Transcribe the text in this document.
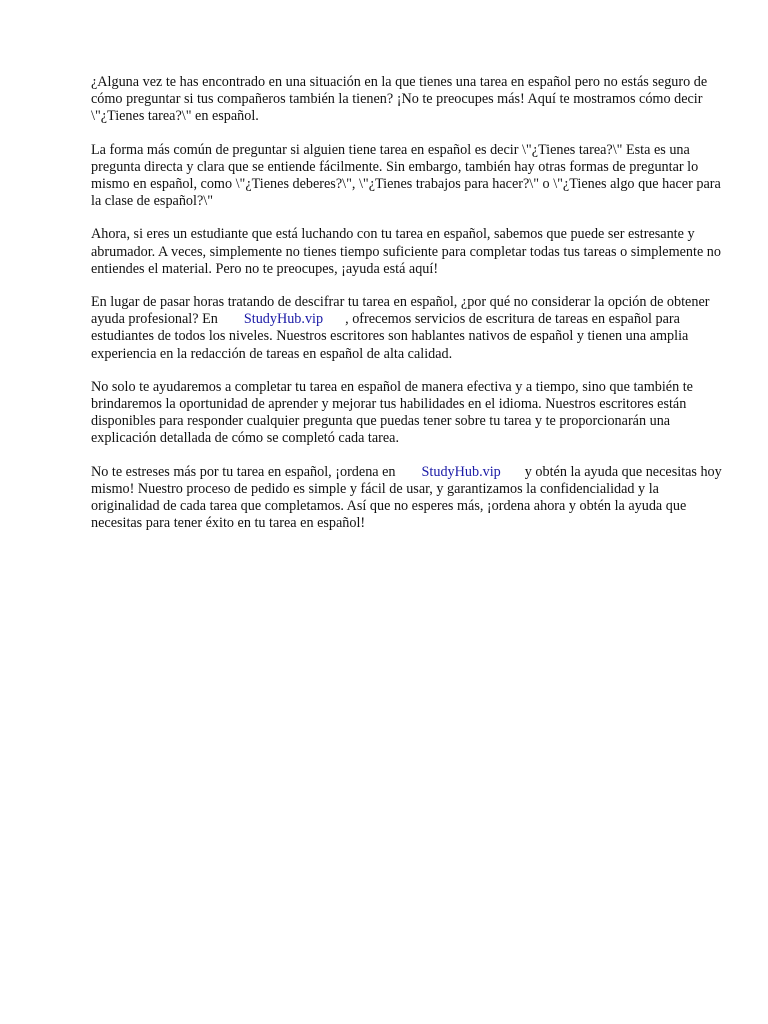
¿Alguna vez te has encontrado en una situación en la que tienes una tarea en español pero no estás seguro de cómo preguntar si tus compañeros también la tienen? ¡No te preocupes más! Aquí te mostramos cómo decir \"¿Tienes tarea?\" en español.

La forma más común de preguntar si alguien tiene tarea en español es decir \"¿Tienes tarea?\" Esta es una pregunta directa y clara que se entiende fácilmente. Sin embargo, también hay otras formas de preguntar lo mismo en español, como \"¿Tienes deberes?\", \"¿Tienes trabajos para hacer?\" o \"¿Tienes algo que hacer para la clase de español?\"

Ahora, si eres un estudiante que está luchando con tu tarea en español, sabemos que puede ser estresante y abrumador. A veces, simplemente no tienes tiempo suficiente para completar todas tus tareas o simplemente no entiendes el material. Pero no te preocupes, ¡ayuda está aquí!

En lugar de pasar horas tratando de descifrar tu tarea en español, ¿por qué no considerar la opción de obtener ayuda profesional? En StudyHub.vip , ofrecemos servicios de escritura de tareas en español para estudiantes de todos los niveles. Nuestros escritores son hablantes nativos de español y tienen una amplia experiencia en la redacción de tareas en español de alta calidad.

No solo te ayudaremos a completar tu tarea en español de manera efectiva y a tiempo, sino que también te brindaremos la oportunidad de aprender y mejorar tus habilidades en el idioma. Nuestros escritores están disponibles para responder cualquier pregunta que puedas tener sobre tu tarea y te proporcionarán una explicación detallada de cómo se completó cada tarea.

No te estreses más por tu tarea en español, ¡ordena en StudyHub.vip y obtén la ayuda que necesitas hoy mismo! Nuestro proceso de pedido es simple y fácil de usar, y garantizamos la confidencialidad y la originalidad de cada tarea que completamos. Así que no esperes más, ¡ordena ahora y obtén la ayuda que necesitas para tener éxito en tu tarea en español!
